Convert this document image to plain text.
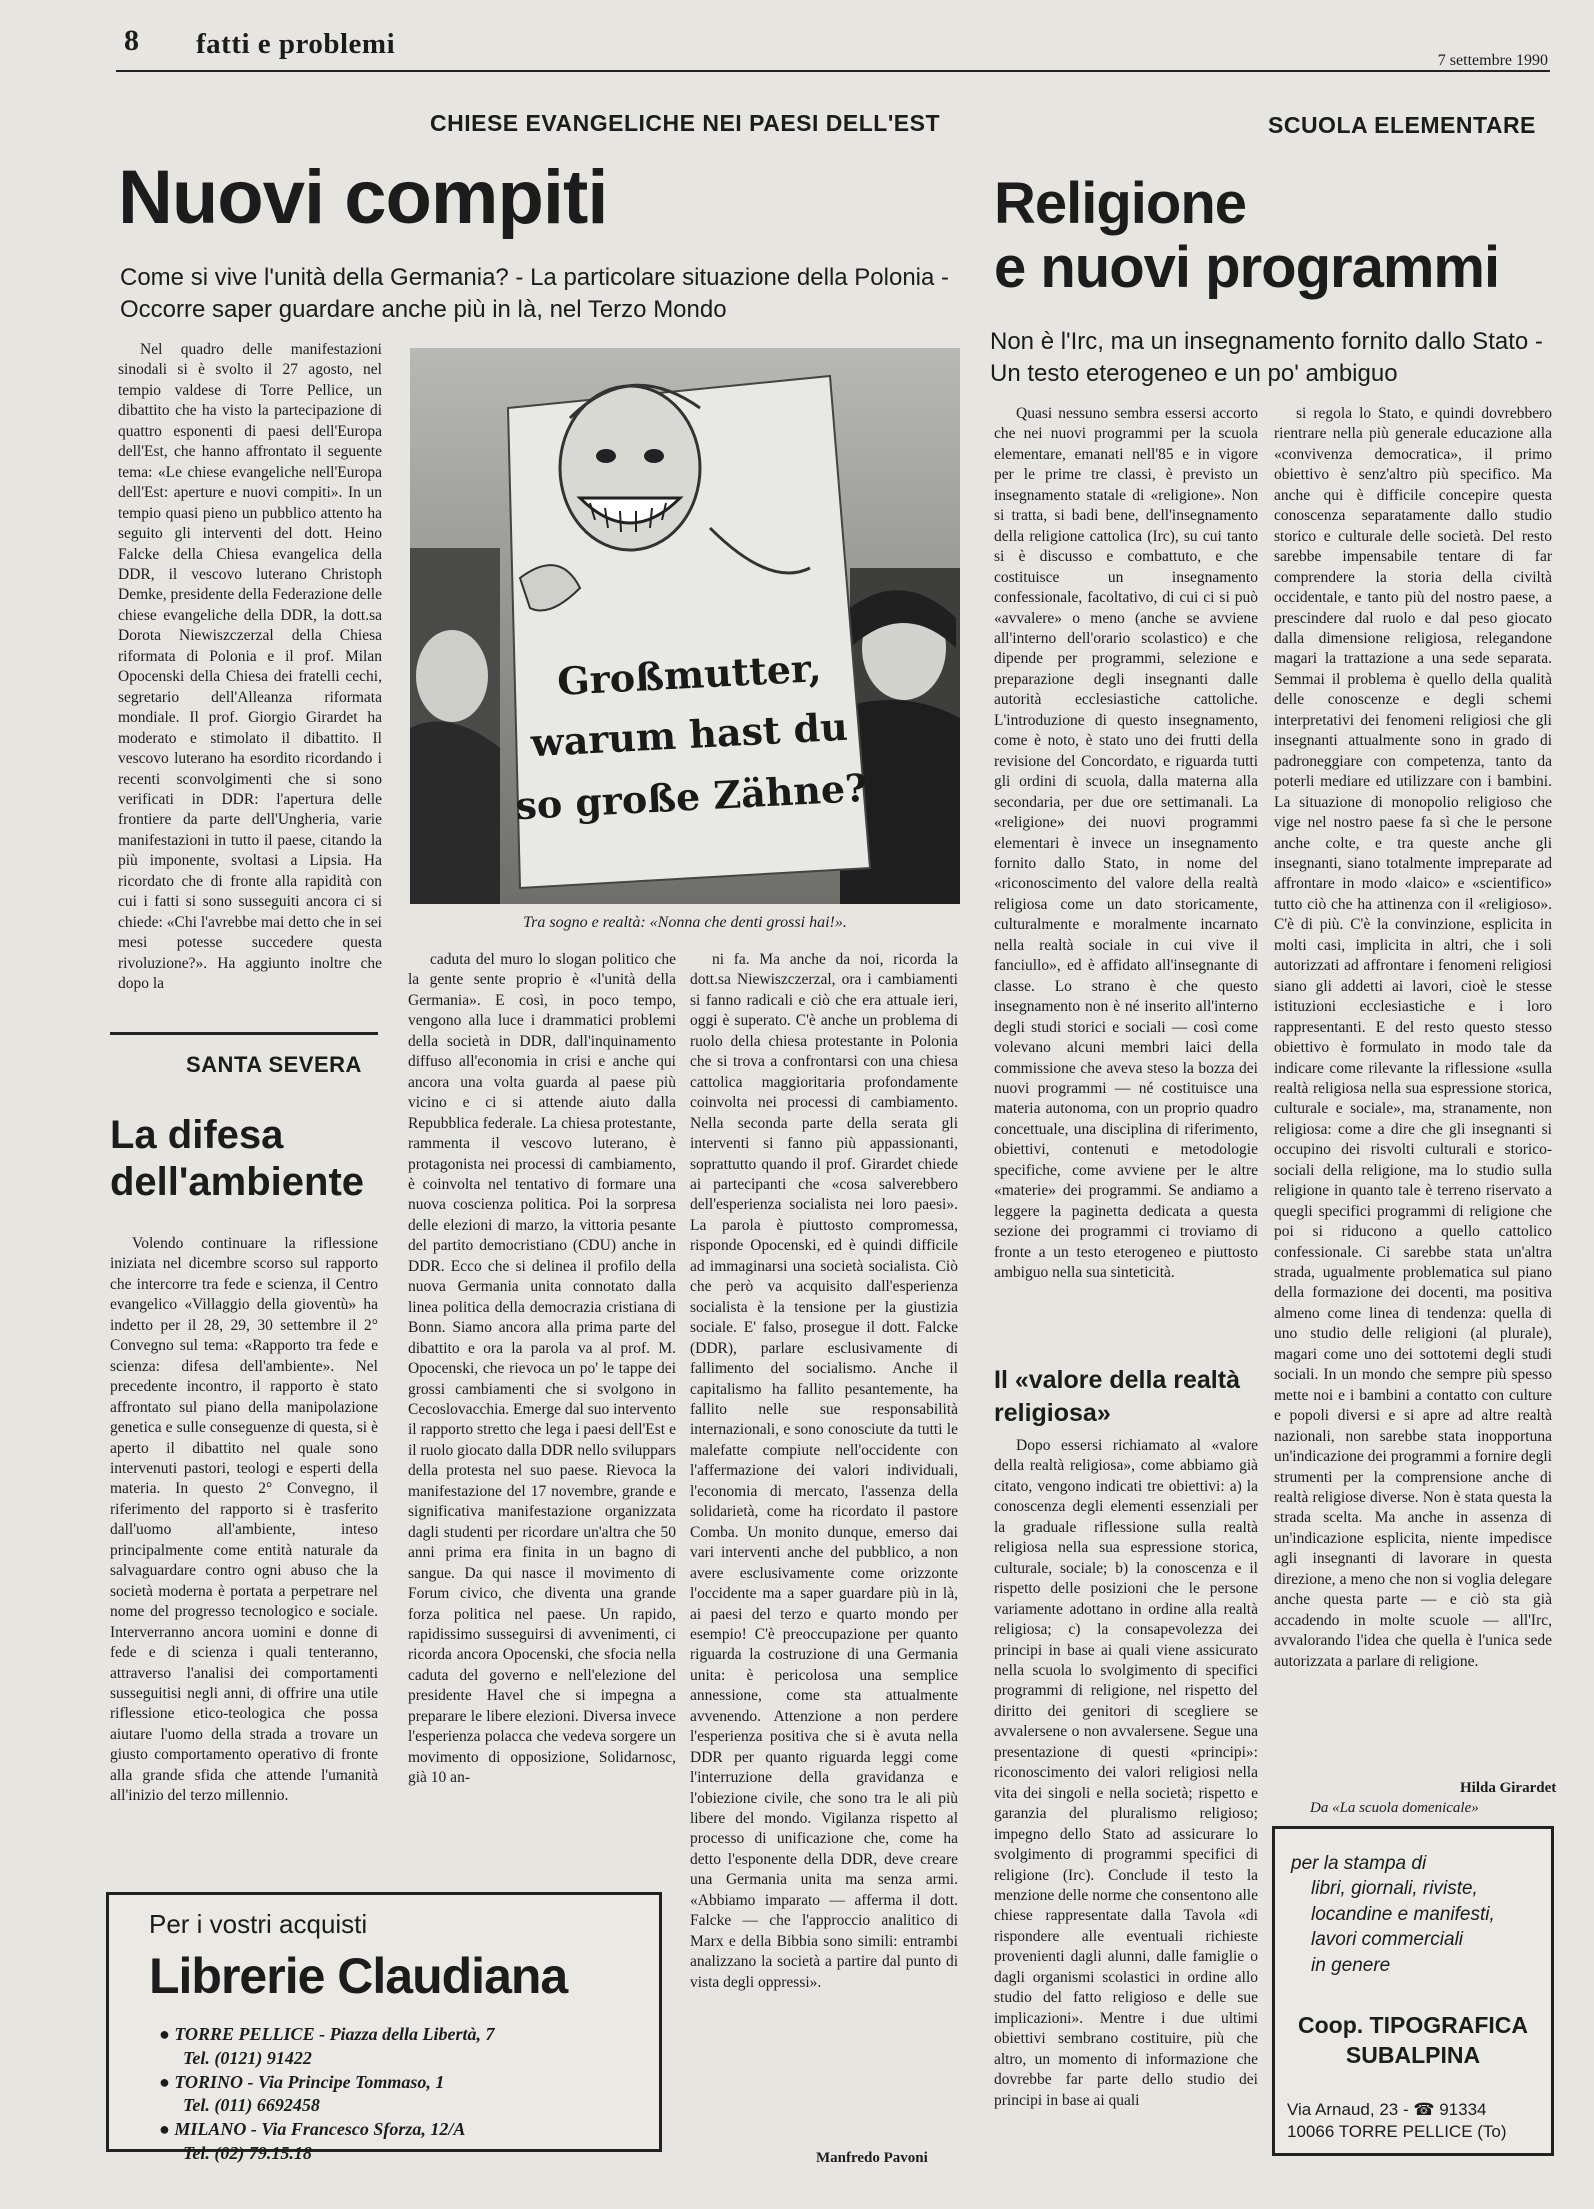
8 fatti e problemi
7 settembre 1990
CHIESE EVANGELICHE NEI PAESI DELL'EST
Nuovi compiti
Come si vive l'unità della Germania? - La particolare situazione della Polonia - Occorre saper guardare anche più in là, nel Terzo Mondo

Nel quadro delle manifestazioni sinodali si è svolto il 27 agosto, nel tempio valdese di Torre Pellice, un dibattito che ha visto la partecipazione di quattro esponenti di paesi dell'Europa dell'Est, che hanno affrontato il seguente tema: «Le chiese evangeliche nell'Europa dell'Est: aperture e nuovi compiti». In un tempio quasi pieno un pubblico attento ha seguito gli interventi del dott. Heino Falcke della Chiesa evangelica della DDR, il vescovo luterano Christoph Demke, presidente della Federazione delle chiese evangeliche della DDR, la dott.sa Dorota Niewiszczerzal della Chiesa riformata di Polonia e il prof. Milan Opocenski della Chiesa dei fratelli cechi, segretario dell'Alleanza riformata mondiale. Il prof. Giorgio Girardet ha moderato e stimolato il dibattito. Il vescovo luterano ha esordito ricordando i recenti sconvolgimenti che si sono verificati in DDR: l'apertura delle frontiere da parte dell'Ungheria, varie manifestazioni in tutto il paese, citando la più imponente, svoltasi a Lipsia. Ha ricordato che di fronte alla rapidità con cui i fatti si sono susseguiti ancora ci si chiede: «Chi l'avrebbe mai detto che in sei mesi potesse succedere questa rivoluzione?». Ha aggiunto inoltre che dopo la

Großmutter,
warum hast du
so große Zähne?
Tra sogno e realtà: «Nonna che denti grossi hai!».

caduta del muro lo slogan politico che la gente sente proprio è «l'unità della Germania». E così, in poco tempo, vengono alla luce i drammatici problemi della società in DDR, dall'inquinamento diffuso all'economia in crisi e anche qui ancora una volta guarda al paese più vicino e ci si attende aiuto dalla Repubblica federale. La chiesa protestante, rammenta il vescovo luterano, è protagonista nei processi di cambiamento, è coinvolta nel tentativo di formare una nuova coscienza politica. Poi la sorpresa delle elezioni di marzo, la vittoria pesante del partito democristiano (CDU) anche in DDR. Ecco che si delinea il profilo della nuova Germania unita connotato dalla linea politica della democrazia cristiana di Bonn. Siamo ancora alla prima parte del dibattito e ora la parola va al prof. M. Opocenski, che rievoca un po' le tappe dei grossi cambiamenti che si svolgono in Cecoslovacchia. Emerge dal suo intervento il rapporto stretto che lega i paesi dell'Est e il ruolo giocato dalla DDR nello sviluppars della protesta nel suo paese. Rievoca la manifestazione del 17 novembre, grande e significativa manifestazione organizzata dagli studenti per ricordare un'altra che 50 anni prima era finita in un bagno di sangue. Da qui nasce il movimento di Forum civico, che diventa una grande forza politica nel paese. Un rapido, rapidissimo susseguirsi di avvenimenti, ci ricorda ancora Opocenski, che sfocia nella caduta del governo e nell'elezione del presidente Havel che si impegna a preparare le libere elezioni. Diversa invece l'esperienza polacca che vedeva sorgere un movimento di opposizione, Solidarnosc, già 10 an-

ni fa. Ma anche da noi, ricorda la dott.sa Niewiszczerzal, ora i cambiamenti si fanno radicali e ciò che era attuale ieri, oggi è superato. C'è anche un problema di ruolo della chiesa protestante in Polonia che si trova a confrontarsi con una chiesa cattolica maggioritaria profondamente coinvolta nei processi di cambiamento. Nella seconda parte della serata gli interventi si fanno più appassionanti, soprattutto quando il prof. Girardet chiede ai partecipanti che «cosa salverebbero dell'esperienza socialista nei loro paesi». La parola è piuttosto compromessa, risponde Opocenski, ed è quindi difficile ad immaginarsi una società socialista. Ciò che però va acquisito dall'esperienza socialista è la tensione per la giustizia sociale. E' falso, prosegue il dott. Falcke (DDR), parlare esclusivamente di fallimento del socialismo. Anche il capitalismo ha fallito pesantemente, ha fallito nelle sue responsabilità internazionali, e sono conosciute da tutti le malefatte compiute nell'occidente con l'affermazione dei valori individuali, l'economia di mercato, l'assenza della solidarietà, come ha ricordato il pastore Comba. Un monito dunque, emerso dai vari interventi anche del pubblico, a non avere esclusivamente come orizzonte l'occidente ma a saper guardare più in là, ai paesi del terzo e quarto mondo per esempio! C'è preoccupazione per quanto riguarda la costruzione di una Germania unita: è pericolosa una semplice annessione, come sta attualmente avvenendo. Attenzione a non perdere l'esperienza positiva che si è avuta nella DDR per quanto riguarda leggi come l'interruzione della gravidanza e l'obiezione civile, che sono tra le ali più libere del mondo. Vigilanza rispetto al processo di unificazione che, come ha detto l'esponente della DDR, deve creare una Germania unita ma senza armi. «Abbiamo imparato — afferma il dott. Falcke — che l'approccio analitico di Marx e della Bibbia sono simili: entrambi analizzano la società a partire dal punto di vista degli oppressi».

Manfredo Pavoni
SANTA SEVERA
La difesa
dell'ambiente

Volendo continuare la riflessione iniziata nel dicembre scorso sul rapporto che intercorre tra fede e scienza, il Centro evangelico «Villaggio della gioventù» ha indetto per il 28, 29, 30 settembre il 2° Convegno sul tema: «Rapporto tra fede e scienza: difesa dell'ambiente». Nel precedente incontro, il rapporto è stato affrontato sul piano della manipolazione genetica e sulle conseguenze di questa, si è aperto il dibattito nel quale sono intervenuti pastori, teologi e esperti della materia. In questo 2° Convegno, il riferimento del rapporto si è trasferito dall'uomo all'ambiente, inteso principalmente come entità naturale da salvaguardare contro ogni abuso che la società moderna è portata a perpetrare nel nome del progresso tecnologico e sociale. Interverranno ancora uomini e donne di fede e di scienza i quali tenteranno, attraverso l'analisi dei comportamenti susseguitisi negli anni, di offrire una utile riflessione etico-teologica che possa aiutare l'uomo della strada a trovare un giusto comportamento operativo di fronte alla grande sfida che attende l'umanità all'inizio del terzo millennio.

Per i vostri acquisti
Librerie Claudiana
● TORRE PELLICE - Piazza della Libertà, 7
Tel. (0121) 91422
● TORINO - Via Principe Tommaso, 1
Tel. (011) 6692458
● MILANO - Via Francesco Sforza, 12/A
Tel. (02) 79.15.18
SCUOLA ELEMENTARE
Religione
e nuovi programmi
Non è l'Irc, ma un insegnamento fornito dallo Stato - Un testo eterogeneo e un po' ambiguo

Quasi nessuno sembra essersi accorto che nei nuovi programmi per la scuola elementare, emanati nell'85 e in vigore per le prime tre classi, è previsto un insegnamento statale di «religione». Non si tratta, si badi bene, dell'insegnamento della religione cattolica (Irc), su cui tanto si è discusso e combattuto, e che costituisce un insegnamento confessionale, facoltativo, di cui ci si può «avvalere» o meno (anche se avviene all'interno dell'orario scolastico) e che dipende per programmi, selezione e preparazione degli insegnanti dalle autorità ecclesiastiche cattoliche. L'introduzione di questo insegnamento, come è noto, è stato uno dei frutti della revisione del Concordato, e riguarda tutti gli ordini di scuola, dalla materna alla secondaria, per due ore settimanali. La «religione» dei nuovi programmi elementari è invece un insegnamento fornito dallo Stato, in nome del «riconoscimento del valore della realtà religiosa come un dato storicamente, culturalmente e moralmente incarnato nella realtà sociale in cui vive il fanciullo», ed è affidato all'insegnante di classe. Lo strano è che questo insegnamento non è né inserito all'interno degli studi storici e sociali — così come volevano alcuni membri laici della commissione che aveva steso la bozza dei nuovi programmi — né costituisce una materia autonoma, con un proprio quadro concettuale, una disciplina di riferimento, obiettivi, contenuti e metodologie specifiche, come avviene per le altre «materie» dei programmi. Se andiamo a leggere la paginetta dedicata a questa sezione dei programmi ci troviamo di fronte a un testo eterogeneo e piuttosto ambiguo nella sua sinteticità.

Il «valore della realtà religiosa»

Dopo essersi richiamato al «valore della realtà religiosa», come abbiamo già citato, vengono indicati tre obiettivi: a) la conoscenza degli elementi essenziali per la graduale riflessione sulla realtà religiosa nella sua espressione storica, culturale, sociale; b) la conoscenza e il rispetto delle posizioni che le persone variamente adottano in ordine alla realtà religiosa; c) la consapevolezza dei principi in base ai quali viene assicurato nella scuola lo svolgimento di specifici programmi di religione, nel rispetto del diritto dei genitori di scegliere se avvalersene o non avvalersene. Segue una presentazione di questi «principi»: riconoscimento dei valori religiosi nella vita dei singoli e nella società; rispetto e garanzia del pluralismo religioso; impegno dello Stato ad assicurare lo svolgimento di programmi specifici di religione (Irc). Conclude il testo la menzione delle norme che consentono alle chiese rappresentate dalla Tavola «di rispondere alle eventuali richieste provenienti dagli alunni, dalle famiglie o dagli organismi scolastici in ordine allo studio del fatto religioso e delle sue implicazioni». Mentre i due ultimi obiettivi sembrano costituire, più che altro, un momento di informazione che dovrebbe far parte dello studio dei principi in base ai quali

si regola lo Stato, e quindi dovrebbero rientrare nella più generale educazione alla «convivenza democratica», il primo obiettivo è senz'altro più specifico. Ma anche qui è difficile concepire questa conoscenza separatamente dallo studio storico e culturale delle società. Del resto sarebbe impensabile tentare di far comprendere la storia della civiltà occidentale, e tanto più del nostro paese, a prescindere dal ruolo e dal peso giocato dalla dimensione religiosa, relegandone magari la trattazione a una sede separata. Semmai il problema è quello della qualità delle conoscenze e degli schemi interpretativi dei fenomeni religiosi che gli insegnanti attualmente sono in grado di padroneggiare con competenza, tanto da poterli mediare ed utilizzare con i bambini. La situazione di monopolio religioso che vige nel nostro paese fa sì che le persone anche colte, e tra queste anche gli insegnanti, siano totalmente impreparate ad affrontare in modo «laico» e «scientifico» tutto ciò che ha attinenza con il «religioso». C'è di più. C'è la convinzione, esplicita in molti casi, implicita in altri, che i soli autorizzati ad affrontare i fenomeni religiosi siano gli addetti ai lavori, cioè le stesse istituzioni ecclesiastiche e i loro rappresentanti. E del resto questo stesso obiettivo è formulato in modo tale da indicare come rilevante la riflessione «sulla realtà religiosa nella sua espressione storica, culturale e sociale», ma, stranamente, non religiosa: come a dire che gli insegnanti si occupino dei risvolti culturali e storico-sociali della religione, ma lo studio sulla religione in quanto tale è terreno riservato a quegli specifici programmi di religione che poi si riducono a quello cattolico confessionale. Ci sarebbe stata un'altra strada, ugualmente problematica sul piano della formazione dei docenti, ma positiva almeno come linea di tendenza: quella di uno studio delle religioni (al plurale), magari come uno dei sottotemi degli studi sociali. In un mondo che sempre più spesso mette noi e i bambini a contatto con culture e popoli diversi e si apre ad altre realtà nazionali, non sarebbe stata inopportuna un'indicazione dei programmi a fornire degli strumenti per la comprensione anche di realtà religiose diverse. Non è stata questa la strada scelta. Ma anche in assenza di un'indicazione esplicita, niente impedisce agli insegnanti di lavorare in questa direzione, a meno che non si voglia delegare anche questa parte — e ciò sta già accadendo in molte scuole — all'Irc, avvalorando l'idea che quella è l'unica sede autorizzata a parlare di religione.

Hilda Girardet
Da «La scuola domenicale»
per la stampa di
libri, giornali, riviste,
locandine e manifesti,
lavori commerciali
in genere
Coop. TIPOGRAFICA
SUBALPINA
Via Arnaud, 23 - ☎ 91334
10066 TORRE PELLICE (To)
